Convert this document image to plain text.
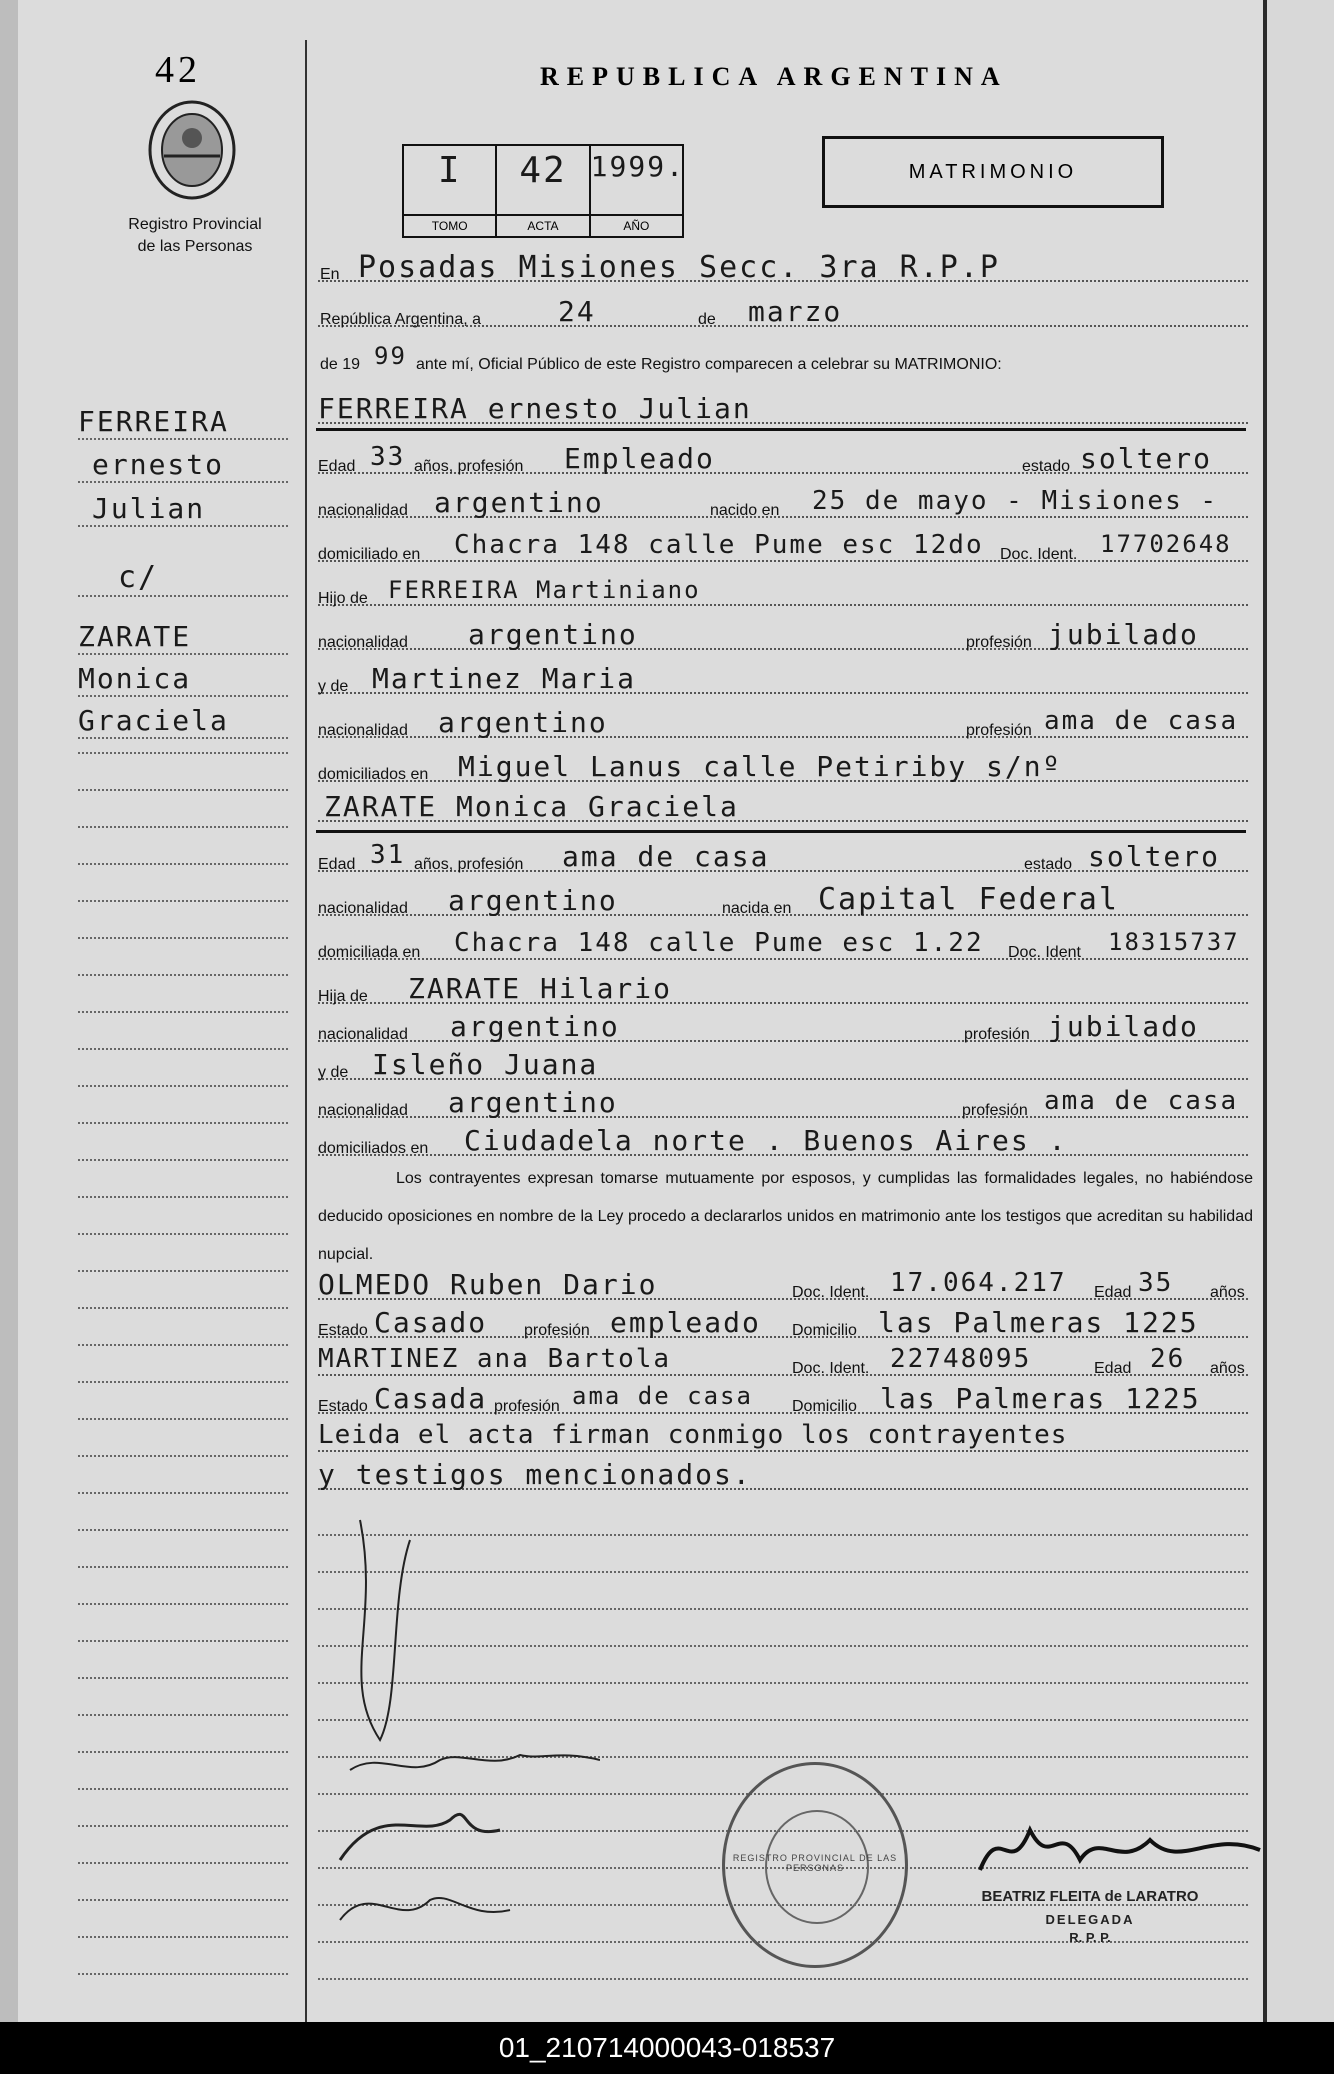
42
Registro Provincial
de las Personas
REPUBLICA ARGENTINA
I
TOMO
42
ACTA
1999.
AÑO
MATRIMONIO
FERREIRA
ernesto
Julian
c/
ZARATE
Monica
Graciela
En Posadas Misiones Secc. 3ra R.P.P
República Argentina, a	24	de marzo
de 19 99 ante mí, Oficial Público de este Registro comparecen a celebrar su MATRIMONIO:
FERREIRA ernesto Julian
Edad 33 años, profesión Empleado	estado soltero
nacionalidad argentino	nacido en 25 de mayo - Misiones -
domiciliado en Chacra 148 calle Pume esc 12do Doc. Ident. 17702648
Hijo de FERREIRA Martiniano
nacionalidad argentino	profesión jubilado
y de Martinez Maria
nacionalidad argentino	profesión ama de casa
domiciliados en Miguel Lanus calle Petiriby s/nº
ZARATE Monica Graciela
Edad 31 años, profesión ama de casa	estado soltero
nacionalidad argentino	nacida en Capital Federal
domiciliada en Chacra 148 calle Pume esc 1.22 Doc. Ident 18315737
Hija de ZARATE Hilario
nacionalidad argentino	profesión jubilado
y de Isleño Juana
nacionalidad argentino	profesión ama de casa
domiciliados en Ciudadela norte . Buenos Aires .
Los contrayentes expresan tomarse mutuamente por esposos, y cumplidas las formalidades legales, no habiéndose deducido oposiciones en nombre de la Ley procedo a declararlos unidos en matrimonio ante los testigos que acreditan su habilidad nupcial.
OLMEDO Ruben Dario	Doc. Ident. 17.064.217 Edad 35 años
Estado Casado profesión empleado Domicilio las Palmeras 1225
MARTINEZ ana Bartola	Doc. Ident. 22748095	Edad 26 años
Estado Casada profesión ama de casa Domicilio las Palmeras 1225
Leida el acta firman conmigo los contrayentes
y testigos mencionados.
REGISTRO PROVINCIAL DE LAS PERSONAS
BEATRIZ FLEITA de LARATRO
DELEGADA
R. P. P.
01_210714000043-018537
